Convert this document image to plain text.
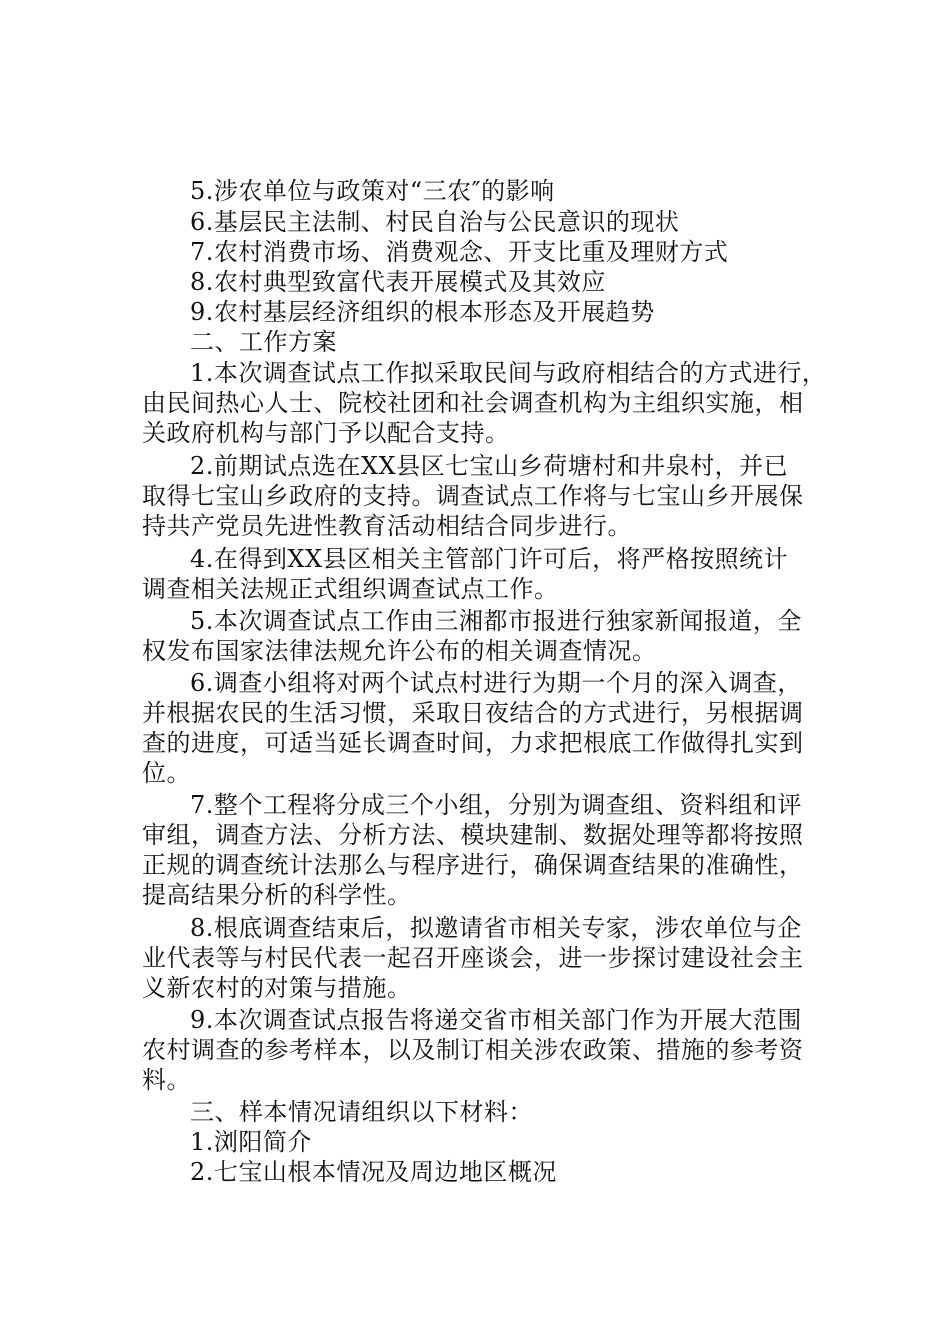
5.涉农单位与政策对“三农″的影响
6.基层民主法制、村民自治与公民意识的现状
7.农村消费市场、消费观念、开支比重及理财方式
8.农村典型致富代表开展模式及其效应
9.农村基层经济组织的根本形态及开展趋势
二、工作方案
1.本次调查试点工作拟采取民间与政府相结合的方式进行，
由民间热心人士、院校社团和社会调查机构为主组织实施，相
关政府机构与部门予以配合支持。
2.前期试点选在XX县区七宝山乡荷塘村和井泉村，并已
取得七宝山乡政府的支持。调查试点工作将与七宝山乡开展保
持共产党员先进性教育活动相结合同步进行。
4.在得到XX县区相关主管部门许可后，将严格按照统计
调查相关法规正式组织调查试点工作。
5.本次调查试点工作由三湘都市报进行独家新闻报道，全
权发布国家法律法规允许公布的相关调查情况。
6.调查小组将对两个试点村进行为期一个月的深入调查，
并根据农民的生活习惯，采取日夜结合的方式进行，另根据调
查的进度，可适当延长调查时间，力求把根底工作做得扎实到
位。
7.整个工程将分成三个小组，分别为调查组、资料组和评
审组，调查方法、分析方法、模块建制、数据处理等都将按照
正规的调查统计法那么与程序进行，确保调查结果的准确性，
提高结果分析的科学性。
8.根底调查结束后，拟邀请省市相关专家，涉农单位与企
业代表等与村民代表一起召开座谈会，进一步探讨建设社会主
义新农村的对策与措施。
9.本次调查试点报告将递交省市相关部门作为开展大范围
农村调查的参考样本，以及制订相关涉农政策、措施的参考资
料。
三、样本情况请组织以下材料：
1.浏阳简介
2.七宝山根本情况及周边地区概况
